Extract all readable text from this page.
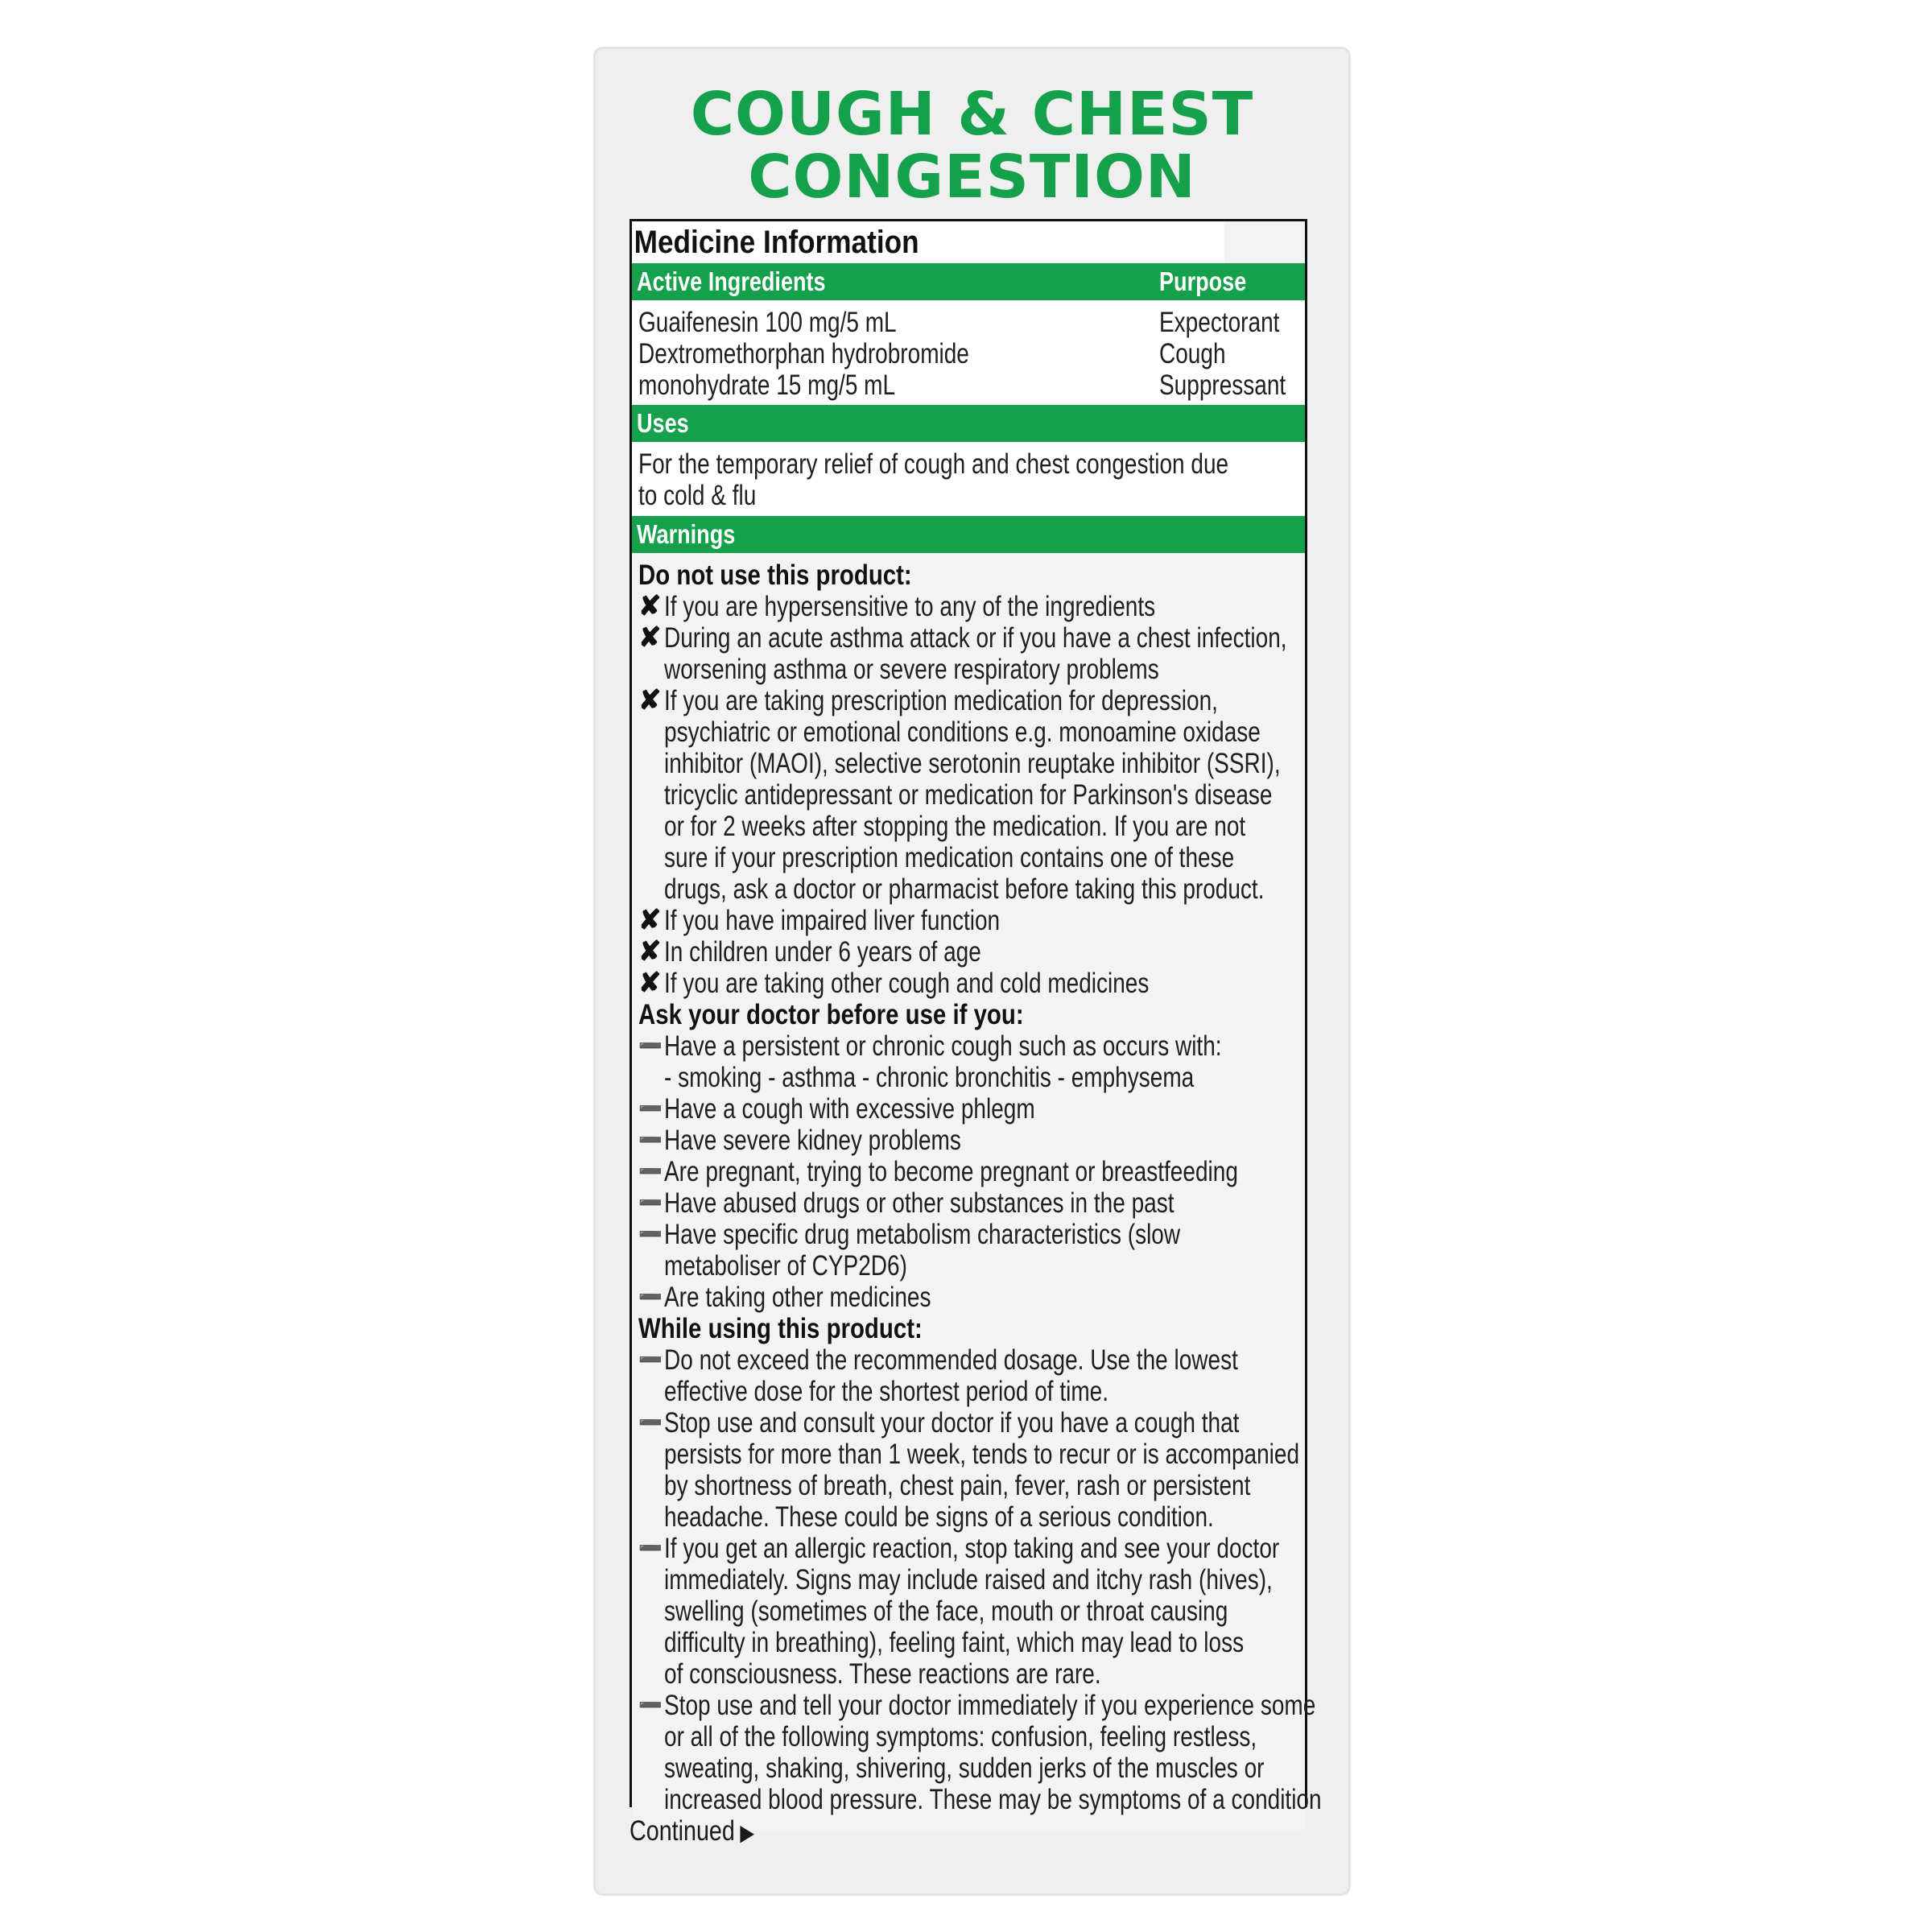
COUGH & CHEST
CONGESTION
Medicine Information
Active Ingredients	Purpose
Guaifenesin 100 mg/5 mL
Dextromethorphan hydrobromide
monohydrate 15 mg/5 mL
Expectorant
Cough
Suppressant
Uses
For the temporary relief of cough and chest congestion due
to cold & flu
Warnings
Do not use this product:
✘ If you are hypersensitive to any of the ingredients
✘ During an acute asthma attack or if you have a chest infection,
worsening asthma or severe respiratory problems
✘ If you are taking prescription medication for depression,
psychiatric or emotional conditions e.g. monoamine oxidase
inhibitor (MAOI), selective serotonin reuptake inhibitor (SSRI),
tricyclic antidepressant or medication for Parkinson's disease
or for 2 weeks after stopping the medication. If you are not
sure if your prescription medication contains one of these
drugs, ask a doctor or pharmacist before taking this product.
✘ If you have impaired liver function
✘ In children under 6 years of age
✘ If you are taking other cough and cold medicines
Ask your doctor before use if you:
➖ Have a persistent or chronic cough such as occurs with:
- smoking - asthma - chronic bronchitis - emphysema
➖ Have a cough with excessive phlegm
➖ Have severe kidney problems
➖ Are pregnant, trying to become pregnant or breastfeeding
➖ Have abused drugs or other substances in the past
➖ Have specific drug metabolism characteristics (slow
metaboliser of CYP2D6)
➖ Are taking other medicines
While using this product:
➖ Do not exceed the recommended dosage. Use the lowest
effective dose for the shortest period of time.
➖ Stop use and consult your doctor if you have a cough that
persists for more than 1 week, tends to recur or is accompanied
by shortness of breath, chest pain, fever, rash or persistent
headache. These could be signs of a serious condition.
➖ If you get an allergic reaction, stop taking and see your doctor
immediately. Signs may include raised and itchy rash (hives),
swelling (sometimes of the face, mouth or throat causing
difficulty in breathing), feeling faint, which may lead to loss
of consciousness. These reactions are rare.
➖ Stop use and tell your doctor immediately if you experience some
or all of the following symptoms: confusion, feeling restless,
sweating, shaking, shivering, sudden jerks of the muscles or
increased blood pressure. These may be symptoms of a condition
Continued ▶
